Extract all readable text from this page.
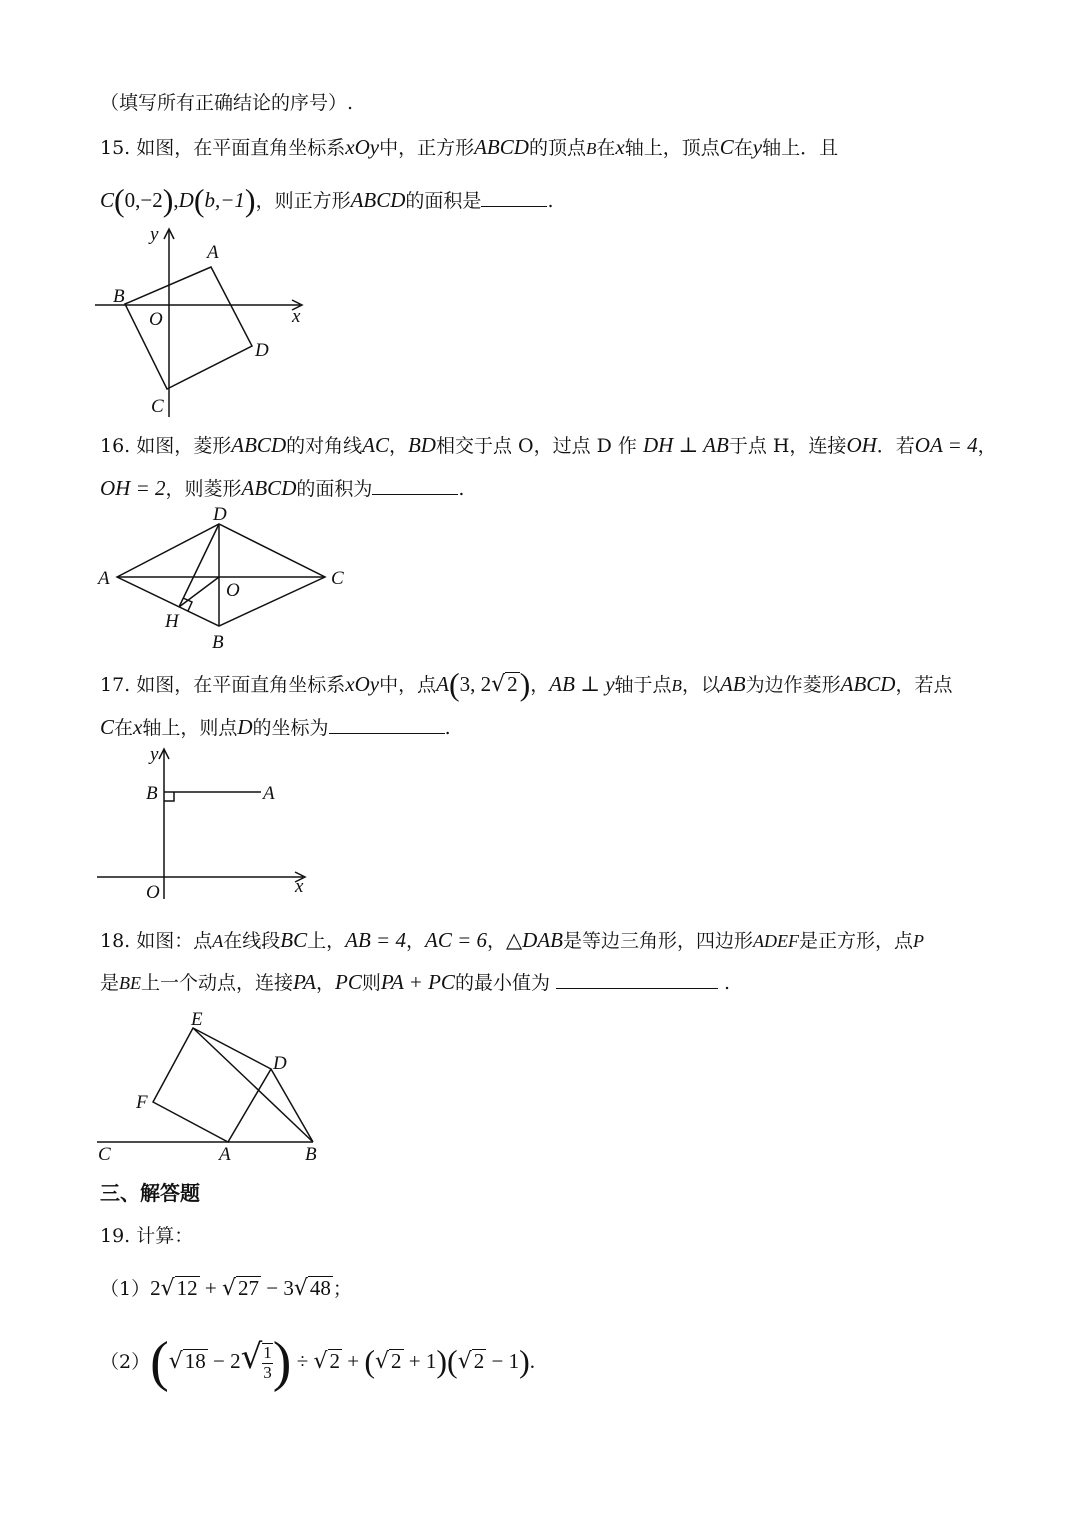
（填写所有正确结论的序号）.
15. 如图，在平面直角坐标系xOy中，正方形ABCD的顶点B在x轴上，顶点C在y轴上．且
C(0,−2),D(b,−1)，则正方形ABCD的面积是	.
y
x
A
B
C
D
O
16. 如图，菱形ABCD的对角线AC，BD相交于点 O，过点 D 作 DH ⊥ AB于点 H，连接OH．若OA = 4，
OH = 2，则菱形ABCD的面积为	.
D
A	C
O
H
B
17. 如图，在平面直角坐标系xOy中，点A(3, 2√2)，AB ⊥ y轴于点B，以AB为边作菱形ABCD，若点
C在x轴上，则点D的坐标为	.
y
B	A
O	x
18. 如图：点A在线段BC上，AB = 4，AC = 6，△DAB是等边三角形，四边形ADEF是正方形，点P
是BE上一个动点，连接PA，PC则PA + PC的最小值为	.
E
D
F
C	A	B
三、解答题
19. 计算：
（1）2√12 + √27 − 3√48 ；
$(2)(√18 - 2√ \frac{1}{3}$ ) ÷ √2 + (√2 + 1)(√2 − 1).
